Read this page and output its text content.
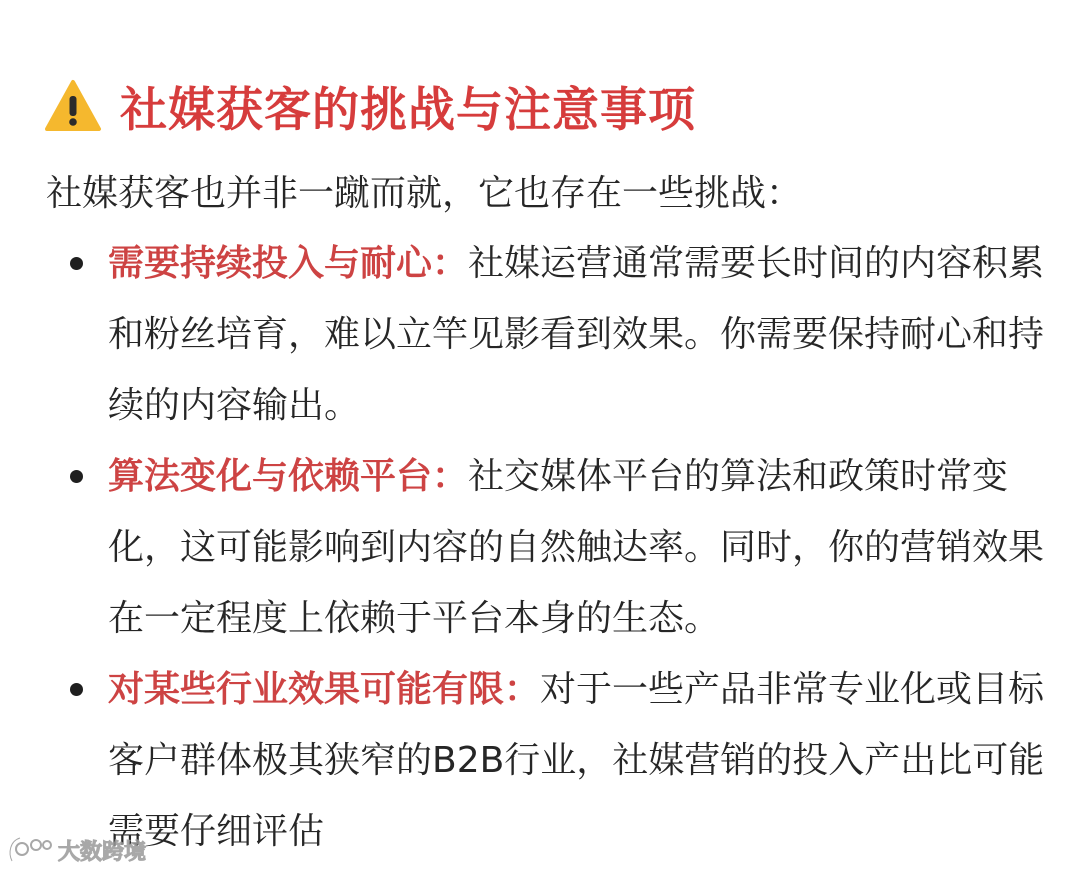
社媒获客的挑战与注意事项
社媒获客也并非一蹴而就，它也存在一些挑战：
需要持续投入与耐心：社媒运营通常需要长时间的内容积累
和粉丝培育，难以立竿见影看到效果。你需要保持耐心和持
续的内容输出。
算法变化与依赖平台：社交媒体平台的算法和政策时常变
化，这可能影响到内容的自然触达率。同时，你的营销效果
在一定程度上依赖于平台本身的生态。
对某些行业效果可能有限：对于一些产品非常专业化或目标
客户群体极其狭窄的B2B行业，社媒营销的投入产出比可能
需要仔细评估
大数跨境
